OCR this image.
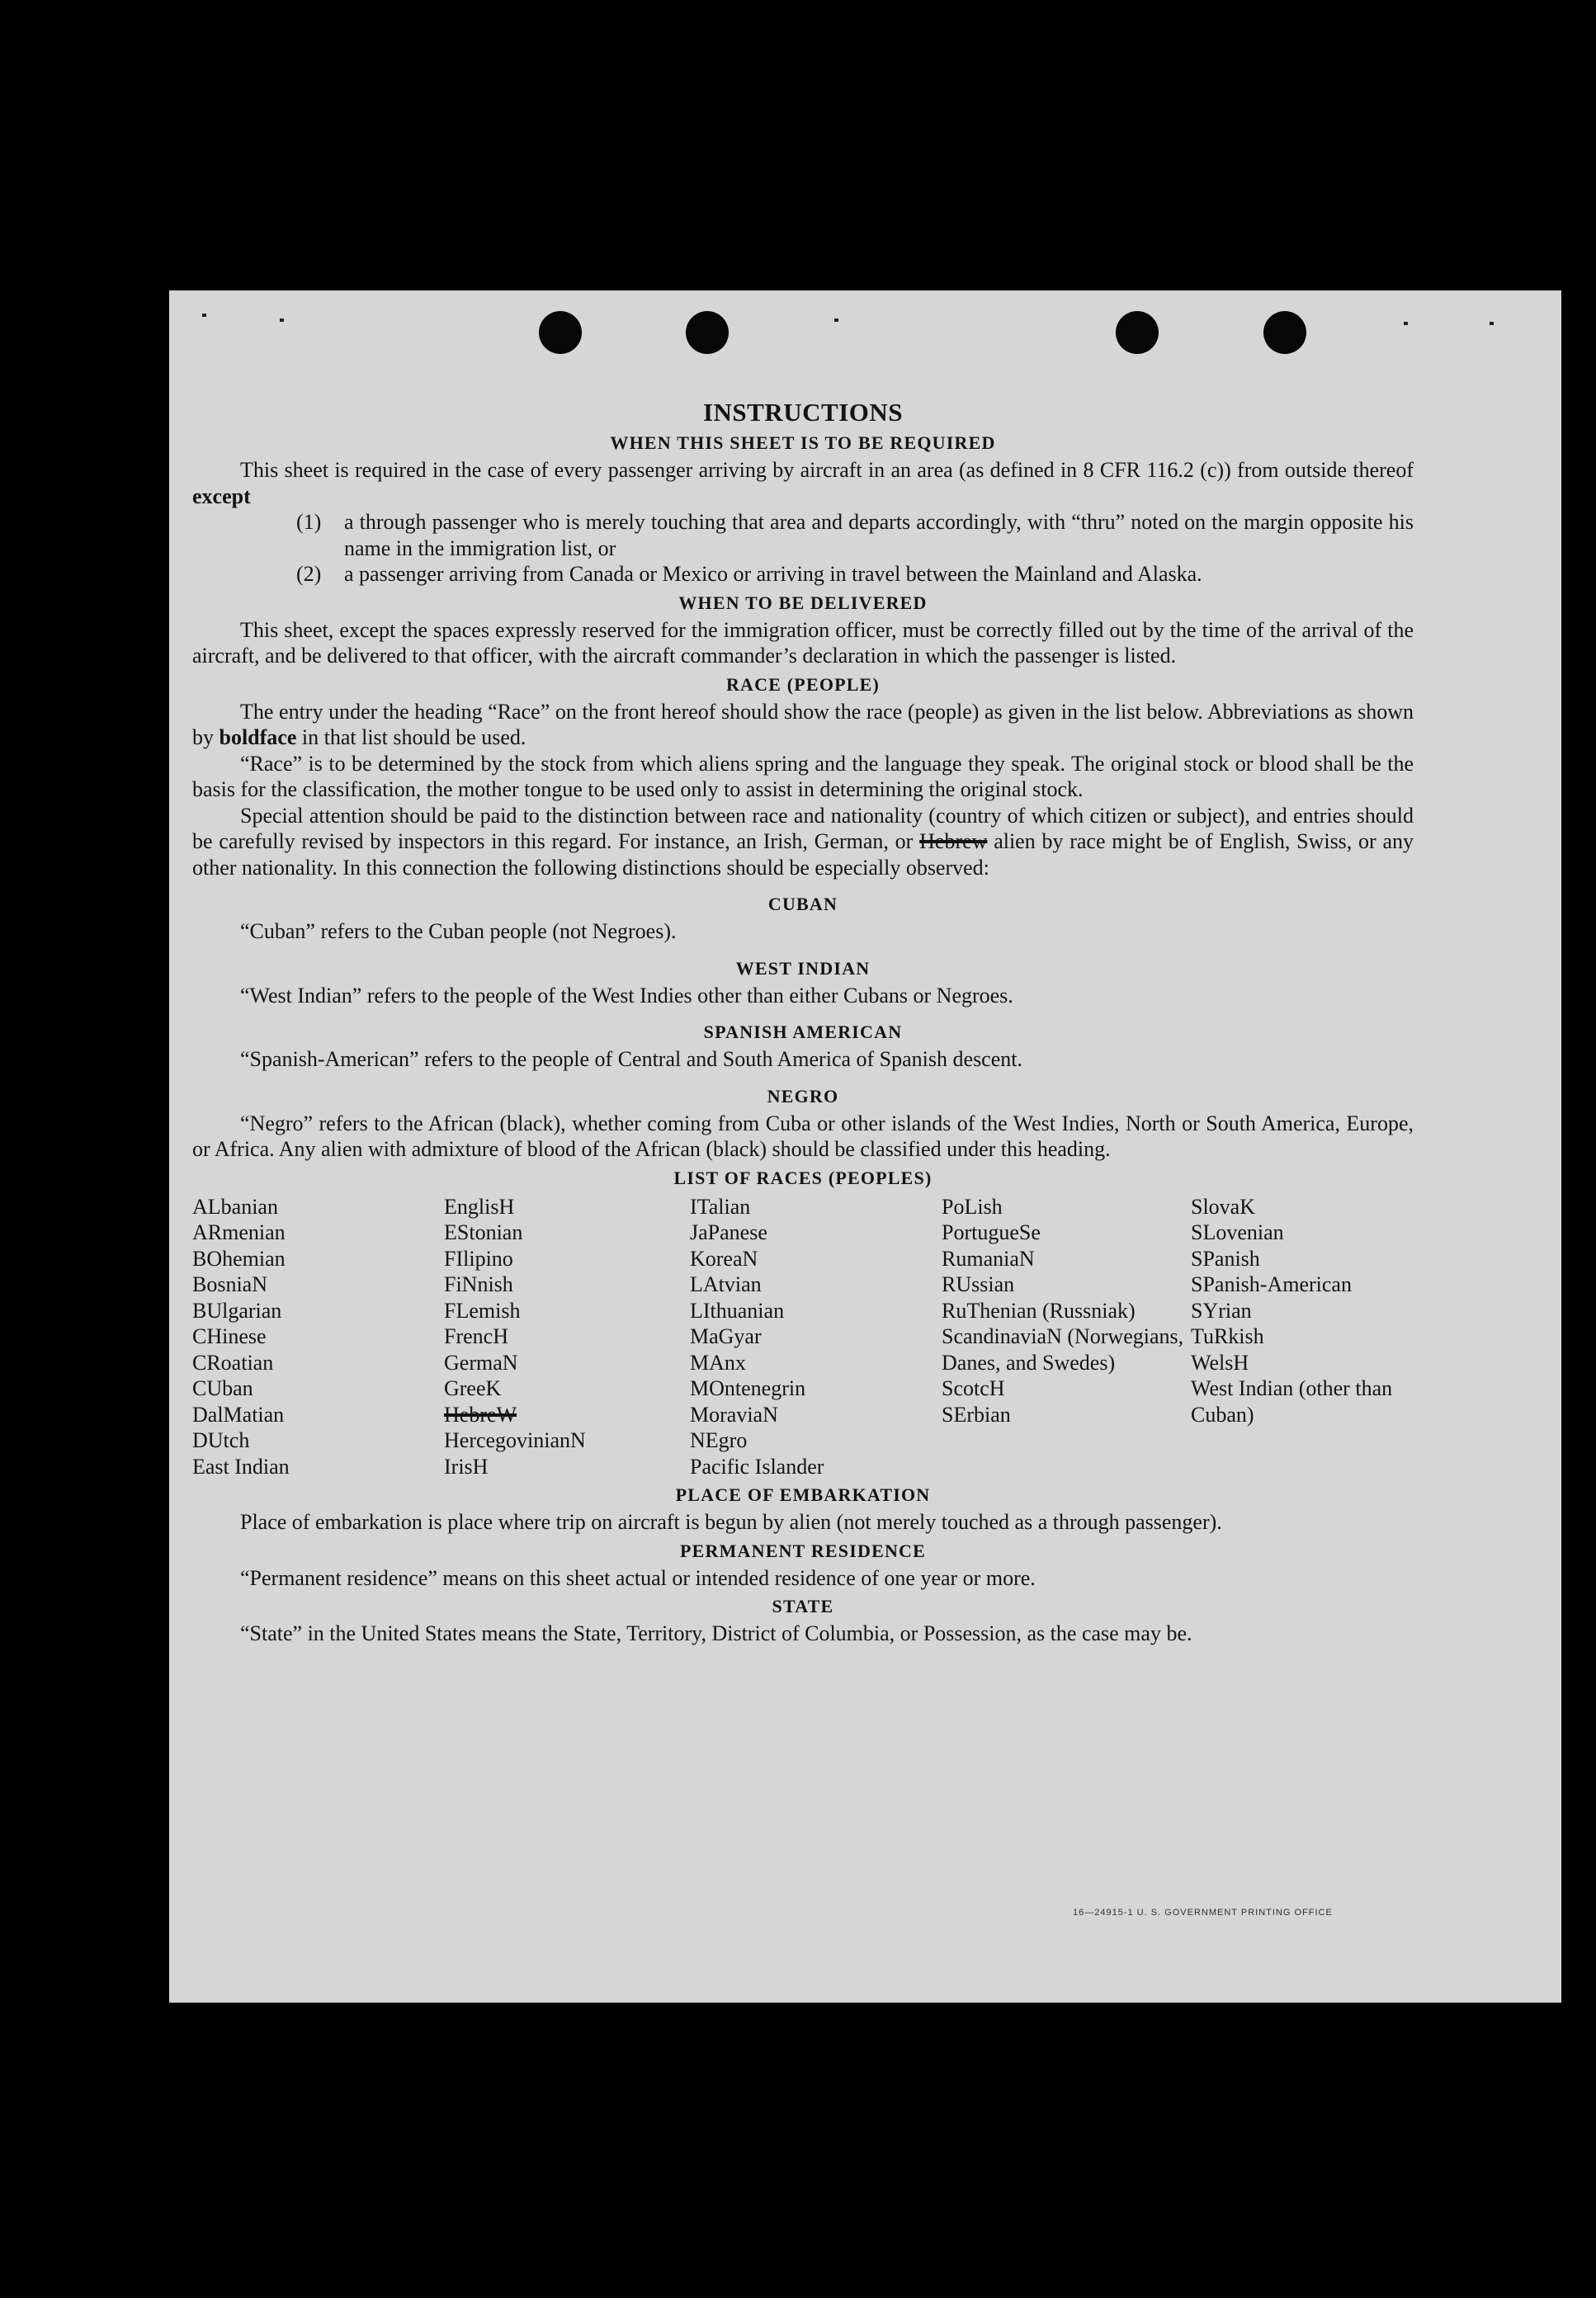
INSTRUCTIONS
WHEN THIS SHEET IS TO BE REQUIRED

This sheet is required in the case of every passenger arriving by aircraft in an area (as defined in 8 CFR 116.2 (c)) from outside thereof except

(1) a through passenger who is merely touching that area and departs accordingly, with “thru” noted on the margin opposite his name in the immigration list, or

(2) a passenger arriving from Canada or Mexico or arriving in travel between the Mainland and Alaska.

WHEN TO BE DELIVERED

This sheet, except the spaces expressly reserved for the immigration officer, must be correctly filled out by the time of the arrival of the aircraft, and be delivered to that officer, with the aircraft commander’s declaration in which the passenger is listed.

RACE (PEOPLE)

The entry under the heading “Race” on the front hereof should show the race (people) as given in the list below. Abbreviations as shown by boldface in that list should be used.

“Race” is to be determined by the stock from which aliens spring and the language they speak. The original stock or blood shall be the basis for the classification, the mother tongue to be used only to assist in determining the original stock.

Special attention should be paid to the distinction between race and nationality (country of which citizen or subject), and entries should be carefully revised by inspectors in this regard. For instance, an Irish, German, or Hebrew alien by race might be of English, Swiss, or any other nationality. In this connection the following distinctions should be especially observed:

CUBAN

“Cuban” refers to the Cuban people (not Negroes).

WEST INDIAN

“West Indian” refers to the people of the West Indies other than either Cubans or Negroes.

SPANISH AMERICAN

“Spanish-American” refers to the people of Central and South America of Spanish descent.

NEGRO

“Negro” refers to the African (black), whether coming from Cuba or other islands of the West Indies, North or South America, Europe, or Africa. Any alien with admixture of blood of the African (black) should be classified under this heading.

LIST OF RACES (PEOPLES)
ALbanian
ARmenian
BOhemian
BosniaN
BUlgarian
CHinese
CRoatian
CUban
DalMatian
DUtch
East Indian
EnglisH
EStonian
FIlipino
FiNnish
FLemish
FrencH
GermaN
GreeK
HebreW
HercegovinianN
IrisH
ITalian
JaPanese
KoreaN
LAtvian
LIthuanian
MaGyar
MAnx
MOntenegrin
MoraviaN
NEgro
Pacific Islander
PoLish
PortugueSe
RumaniaN
RUssian
RuThenian (Russniak)
ScandinaviaN (Norwegians, Danes, and Swedes)
ScotcH
SErbian
SlovaK
SLovenian
SPanish
SPanish-American
SYrian
TuRkish
WelsH
West Indian (other than Cuban)
PLACE OF EMBARKATION

Place of embarkation is place where trip on aircraft is begun by alien (not merely touched as a through passenger).

PERMANENT RESIDENCE

“Permanent residence” means on this sheet actual or intended residence of one year or more.

STATE

“State” in the United States means the State, Territory, District of Columbia, or Possession, as the case may be.

16—24915-1 U. S. GOVERNMENT PRINTING OFFICE
